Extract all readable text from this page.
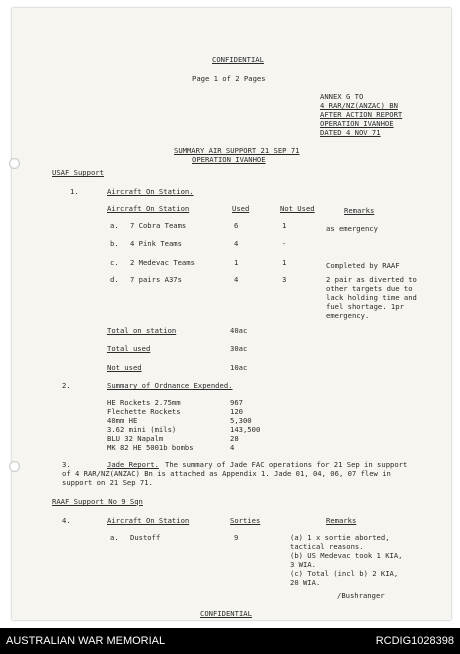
CONFIDENTIAL
Page 1 of 2 Pages
ANNEX G TO
4 RAR/NZ(ANZAC) BN
AFTER ACTION REPORT
OPERATION IVANHOE
DATED 4 NOV 71
SUMMARY AIR SUPPORT 21 SEP 71
OPERATION IVANHOE
USAF Support
1.	Aircraft On Station.
Aircraft On Station	Used	Not Used	Remarks
a. 7 Cobra Teams	6	1	as emergency
b. 4 Pink Teams	4	-
c. 2 Medevac Teams	1	1	Completed by RAAF
d. 7 pairs A37s	4	3	2 pair as diverted to
other targets due to
lack holding time and
fuel shortage. 1pr
emergency.
Total on station	40ac
Total used	30ac
Not used	10ac
2.	Summary of Ordnance Expended.
HE Rockets 2.75mm	967
Flechette Rockets	120
40mm HE	5,300
3.62 mini (mils)	143,500
BLU 32 Napalm	28
MK 82 HE 5001b bombs	4
3.	Jade Report. The summary of Jade FAC operations for 21 Sep in support
of 4 RAR/NZ(ANZAC) Bn is attached as Appendix 1. Jade 01, 04, 06, 07 flew in
support on 21 Sep 71.
RAAF Support No 9 Sqn
4.	Aircraft On Station	Sorties	Remarks
a. Dustoff	9	(a) 1 x sortie aborted,
tactical reasons.
(b) US Medevac took 1 KIA,
3 WIA.
(c) Total (incl b) 2 KIA,
20 WIA.
/Bushranger
CONFIDENTIAL
AUSTRALIAN WAR MEMORIAL	RCDIG1028398
